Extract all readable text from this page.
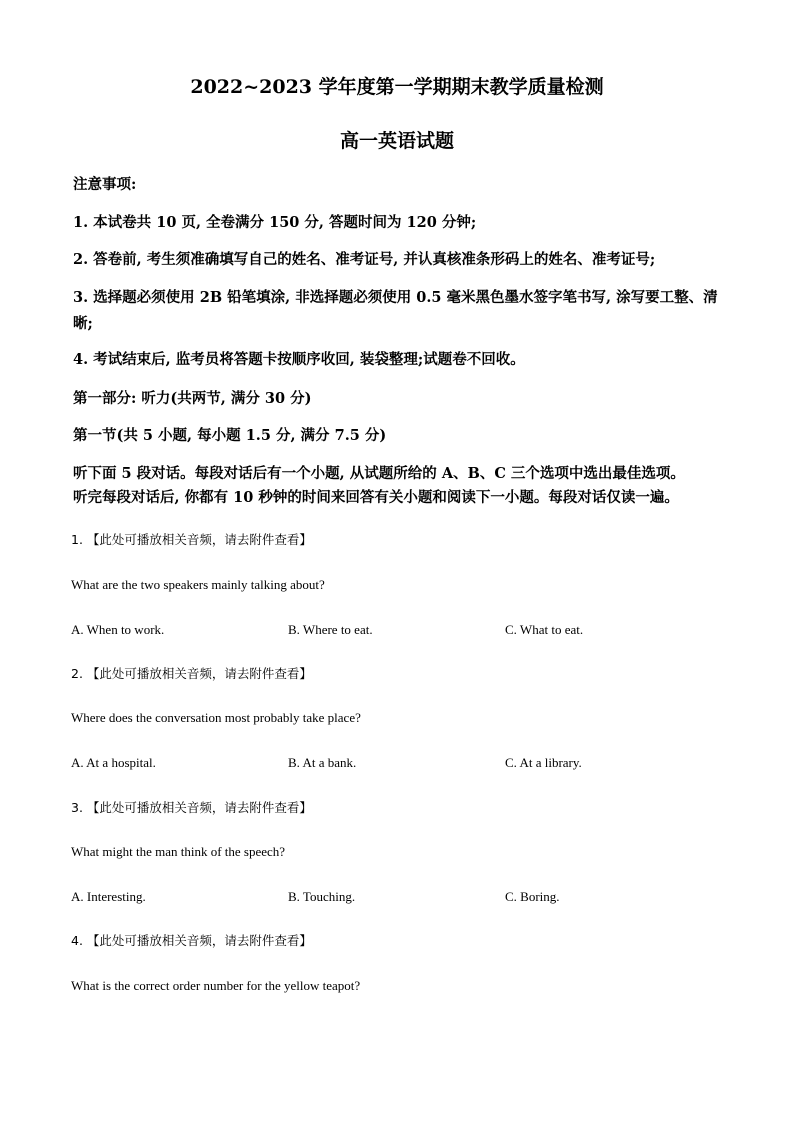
2022~2023 学年度第一学期期末教学质量检测
高一英语试题
注意事项:
1. 本试卷共 10 页, 全卷满分 150 分, 答题时间为 120 分钟;
2. 答卷前, 考生须准确填写自己的姓名、准考证号, 并认真核准条形码上的姓名、准考证号;
3. 选择题必须使用 2B 铅笔填涂, 非选择题必须使用 0.5 毫米黑色墨水签字笔书写, 涂写要工整、清晰;
4. 考试结束后, 监考员将答题卡按顺序收回, 装袋整理;试题卷不回收。
第一部分: 听力(共两节, 满分 30 分)
第一节(共 5 小题, 每小题 1.5 分, 满分 7.5 分)
听下面 5 段对话。每段对话后有一个小题, 从试题所给的 A、B、C 三个选项中选出最佳选项。
听完每段对话后, 你都有 10 秒钟的时间来回答有关小题和阅读下一小题。每段对话仅读一遍。
1. 【此处可播放相关音频，请去附件查看】
What are the two speakers mainly talking about?
A. When to work.	B. Where to eat.	C. What to eat.
2. 【此处可播放相关音频，请去附件查看】
Where does the conversation most probably take place?
A. At a hospital.	B. At a bank.	C. At a library.
3. 【此处可播放相关音频，请去附件查看】
What might the man think of the speech?
A. Interesting.	B. Touching.	C. Boring.
4. 【此处可播放相关音频，请去附件查看】
What is the correct order number for the yellow teapot?
